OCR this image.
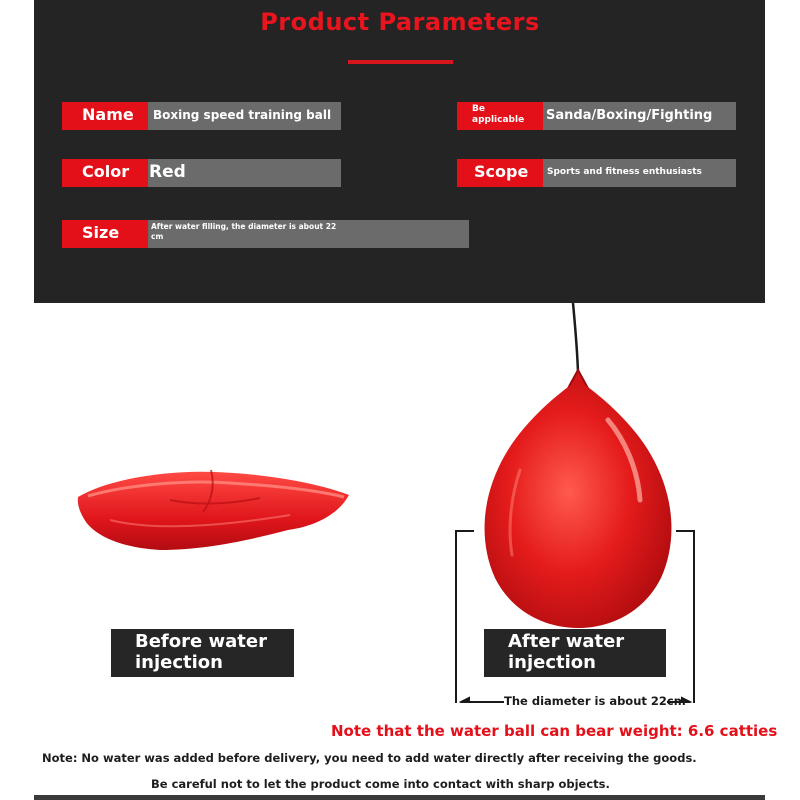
Product Parameters
Name	Boxing speed training ball
Color	Red
Size	After water filling, the diameter is about 22 cm
Be applicable	Sanda/Boxing/Fighting
Scope	Sports and fitness enthusiasts
Before water injection
After water injection
The diameter is about 22cm
Note that the water ball can bear weight: 6.6 catties
Note: No water was added before delivery, you need to add water directly after receiving the goods.
Be careful not to let the product come into contact with sharp objects.
